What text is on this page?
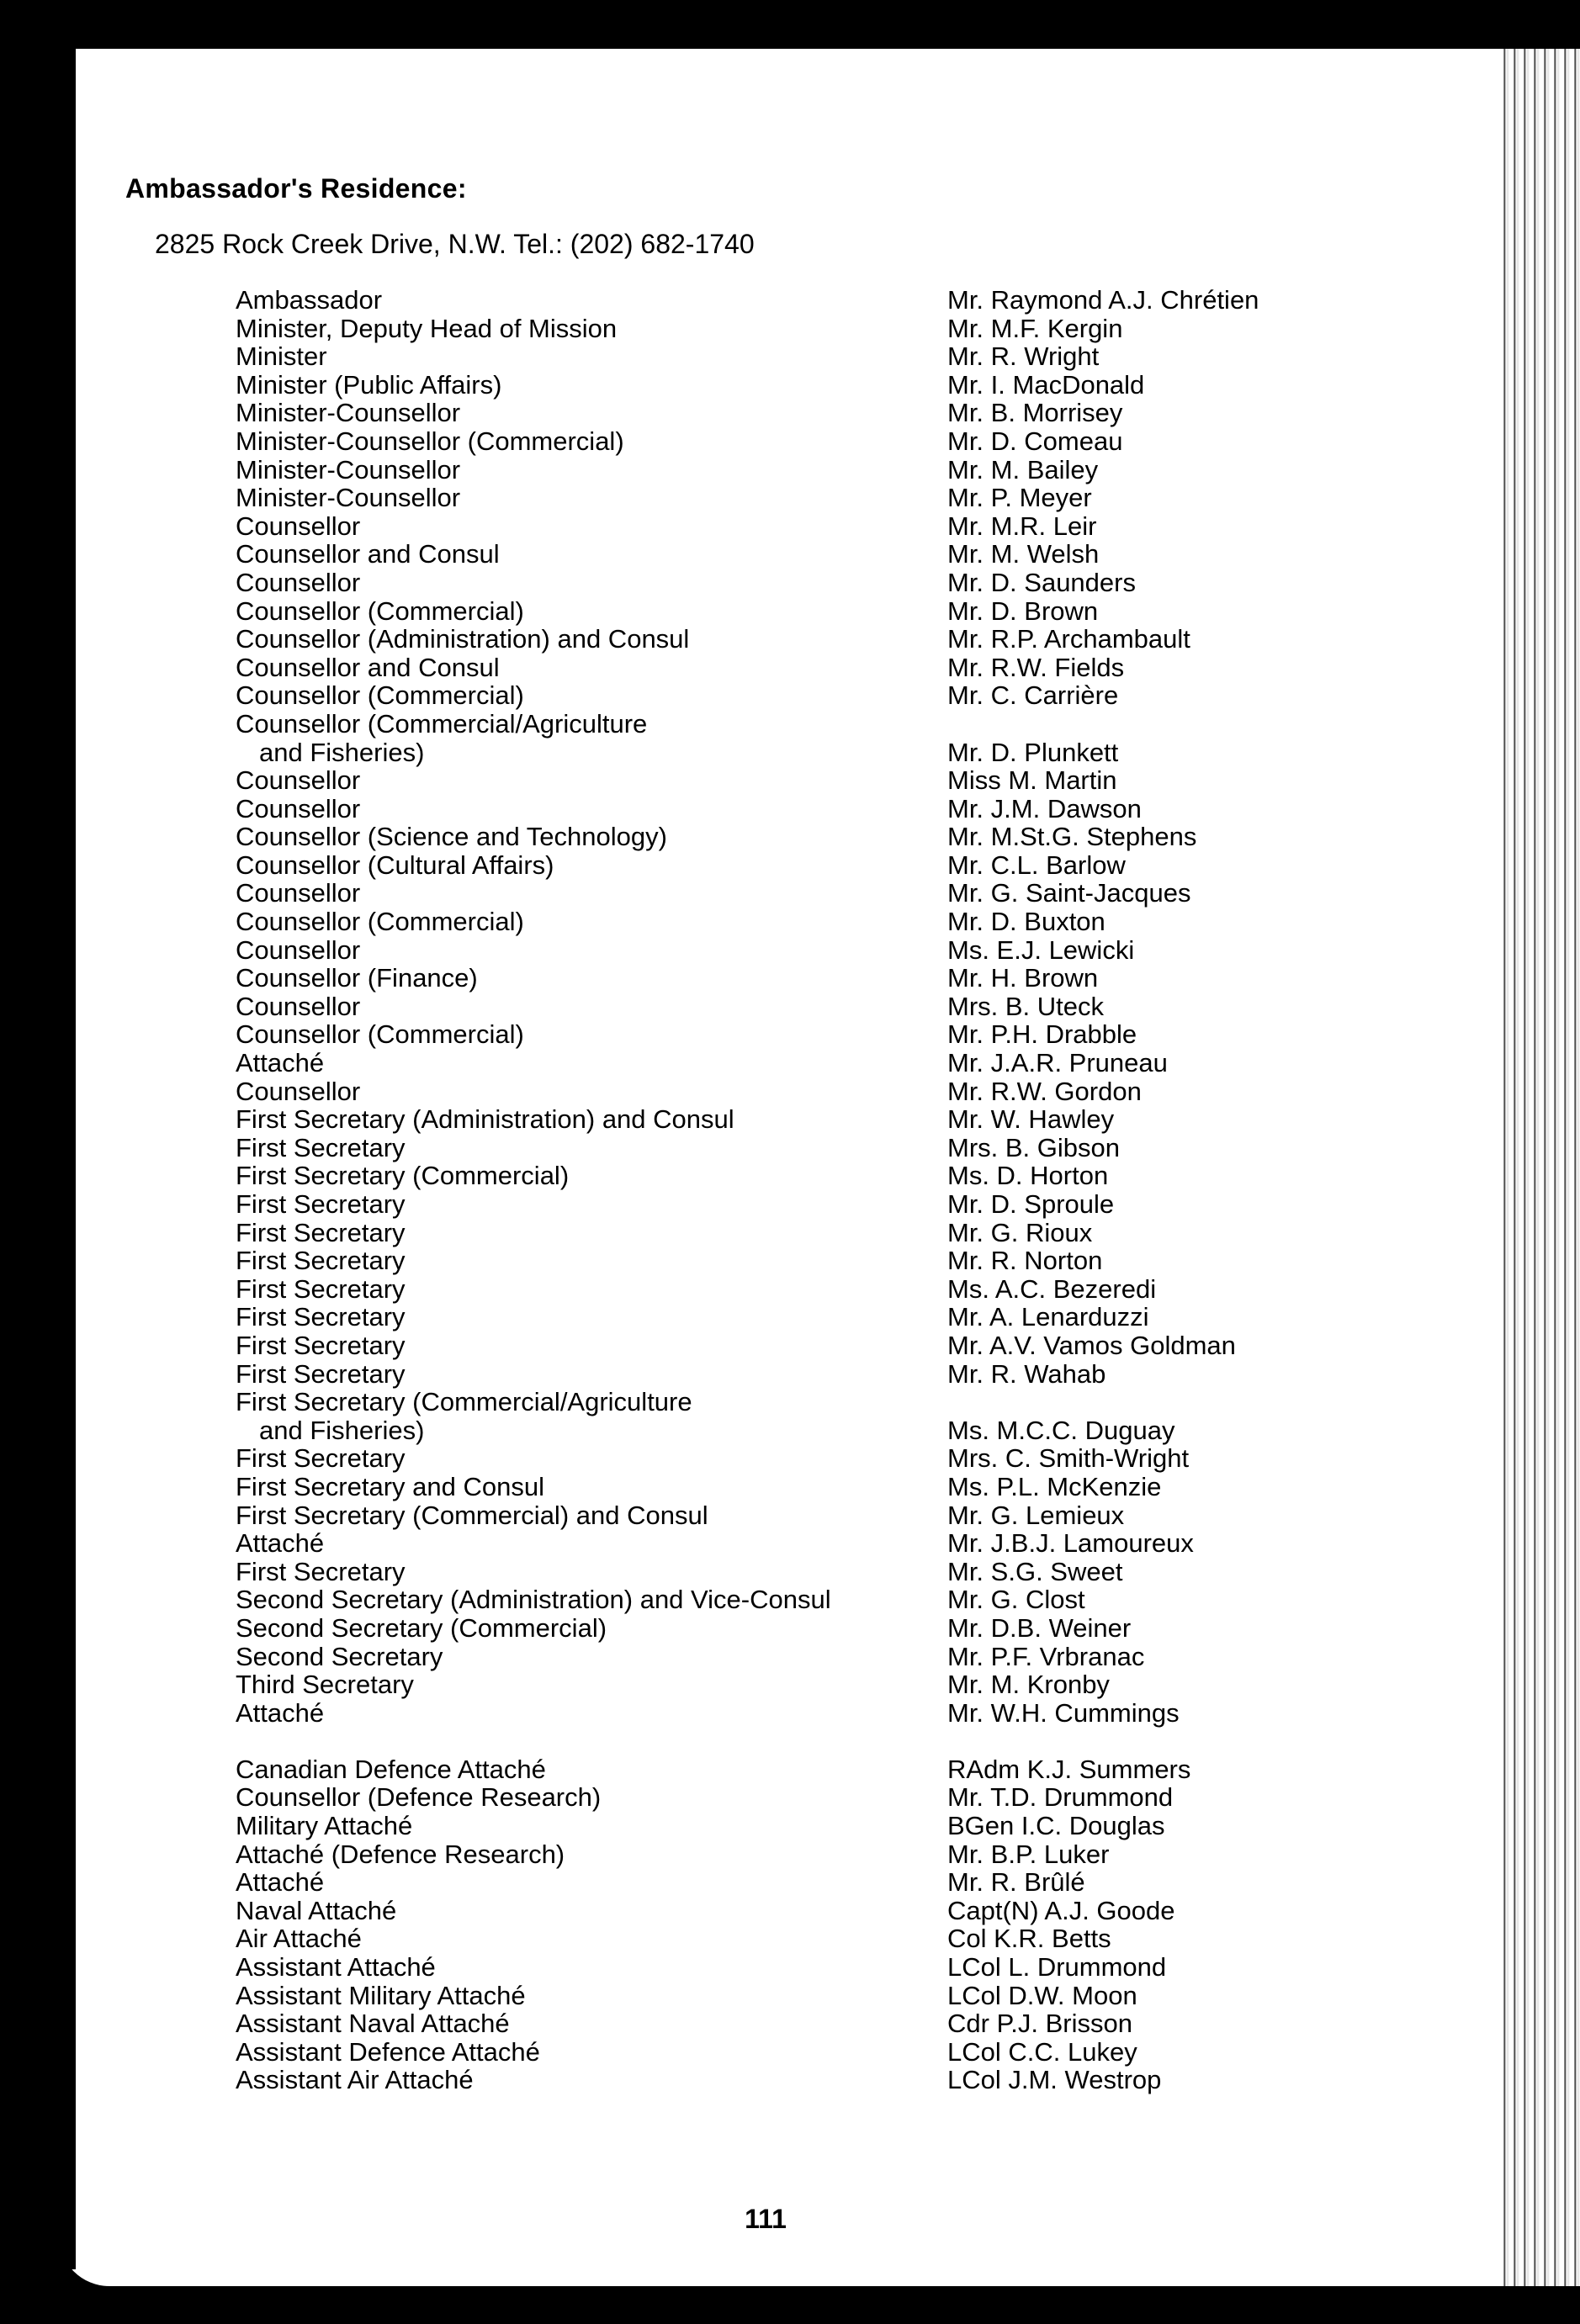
Ambassador's Residence:
2825 Rock Creek Drive, N.W. Tel.: (202) 682-1740
Ambassador	Mr. Raymond A.J. Chrétien
Minister, Deputy Head of Mission	Mr. M.F. Kergin
Minister	Mr. R. Wright
Minister (Public Affairs)	Mr. I. MacDonald
Minister-Counsellor	Mr. B. Morrisey
Minister-Counsellor (Commercial)	Mr. D. Comeau
Minister-Counsellor	Mr. M. Bailey
Minister-Counsellor	Mr. P. Meyer
Counsellor	Mr. M.R. Leir
Counsellor and Consul	Mr. M. Welsh
Counsellor	Mr. D. Saunders
Counsellor (Commercial)	Mr. D. Brown
Counsellor (Administration) and Consul	Mr. R.P. Archambault
Counsellor and Consul	Mr. R.W. Fields
Counsellor (Commercial)	Mr. C. Carrière
Counsellor (Commercial/Agriculture
and Fisheries)	Mr. D. Plunkett
Counsellor	Miss M. Martin
Counsellor	Mr. J.M. Dawson
Counsellor (Science and Technology)	Mr. M.St.G. Stephens
Counsellor (Cultural Affairs)	Mr. C.L. Barlow
Counsellor	Mr. G. Saint-Jacques
Counsellor (Commercial)	Mr. D. Buxton
Counsellor	Ms. E.J. Lewicki
Counsellor (Finance)	Mr. H. Brown
Counsellor	Mrs. B. Uteck
Counsellor (Commercial)	Mr. P.H. Drabble
Attaché	Mr. J.A.R. Pruneau
Counsellor	Mr. R.W. Gordon
First Secretary (Administration) and Consul	Mr. W. Hawley
First Secretary	Mrs. B. Gibson
First Secretary (Commercial)	Ms. D. Horton
First Secretary	Mr. D. Sproule
First Secretary	Mr. G. Rioux
First Secretary	Mr. R. Norton
First Secretary	Ms. A.C. Bezeredi
First Secretary	Mr. A. Lenarduzzi
First Secretary	Mr. A.V. Vamos Goldman
First Secretary	Mr. R. Wahab
First Secretary (Commercial/Agriculture
and Fisheries)	Ms. M.C.C. Duguay
First Secretary	Mrs. C. Smith-Wright
First Secretary and Consul	Ms. P.L. McKenzie
First Secretary (Commercial) and Consul	Mr. G. Lemieux
Attaché	Mr. J.B.J. Lamoureux
First Secretary	Mr. S.G. Sweet
Second Secretary (Administration) and Vice-Consul	Mr. G. Clost
Second Secretary (Commercial)	Mr. D.B. Weiner
Second Secretary	Mr. P.F. Vrbranac
Third Secretary	Mr. M. Kronby
Attaché	Mr. W.H. Cummings
Canadian Defence Attaché	RAdm K.J. Summers
Counsellor (Defence Research)	Mr. T.D. Drummond
Military Attaché	BGen I.C. Douglas
Attaché (Defence Research)	Mr. B.P. Luker
Attaché	Mr. R. Brûlé
Naval Attaché	Capt(N) A.J. Goode
Air Attaché	Col K.R. Betts
Assistant Attaché	LCol L. Drummond
Assistant Military Attaché	LCol D.W. Moon
Assistant Naval Attaché	Cdr P.J. Brisson
Assistant Defence Attaché	LCol C.C. Lukey
Assistant Air Attaché	LCol J.M. Westrop
111
